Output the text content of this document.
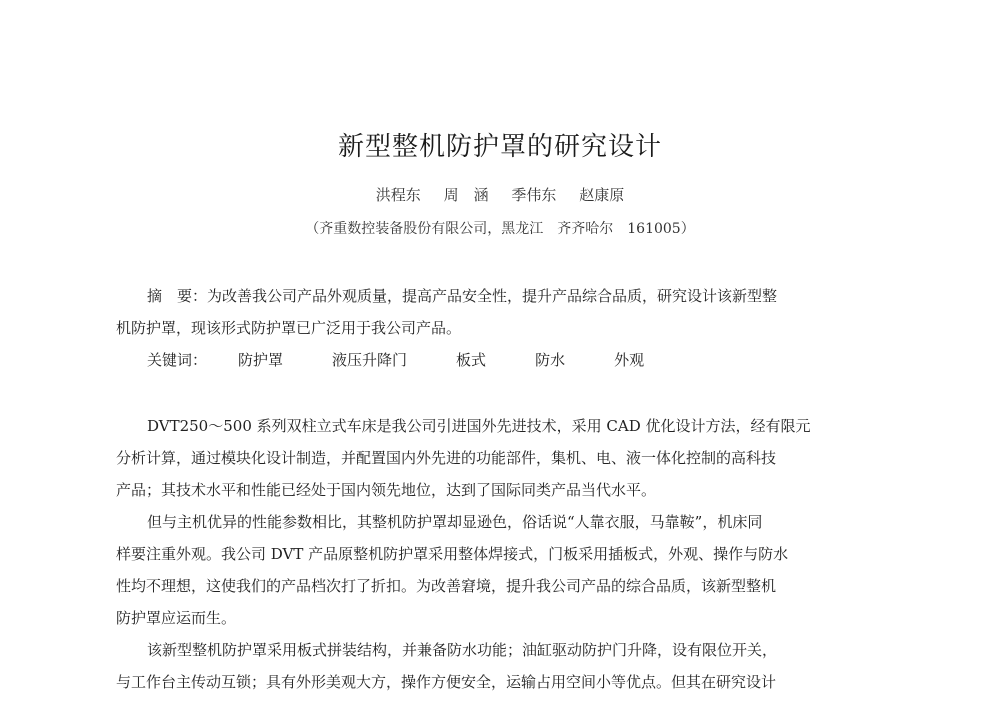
新型整机防护罩的研究设计
洪程东 周　涵 季伟东 赵康原
（齐重数控装备股份有限公司，黑龙江　齐齐哈尔　161005）
摘　要：为改善我公司产品外观质量，提高产品安全性，提升产品综合品质，研究设计该新型整
机防护罩，现该形式防护罩已广泛用于我公司产品。
关键词： 防护罩	液压升降门	板式	防水	外观
DVT250～500 系列双柱立式车床是我公司引进国外先进技术，采用 CAD 优化设计方法，经有限元
分析计算，通过模块化设计制造，并配置国内外先进的功能部件，集机、电、液一体化控制的高科技
产品；其技术水平和性能已经处于国内领先地位，达到了国际同类产品当代水平。
但与主机优异的性能参数相比，其整机防护罩却显逊色，俗话说“人靠衣服，马靠鞍”，机床同
样要注重外观。我公司 DVT 产品原整机防护罩采用整体焊接式，门板采用插板式，外观、操作与防水
性均不理想，这使我们的产品档次打了折扣。为改善窘境，提升我公司产品的综合品质，该新型整机
防护罩应运而生。
该新型整机防护罩采用板式拼装结构，并兼备防水功能；油缸驱动防护门升降，设有限位开关，
与工作台主传动互锁；具有外形美观大方，操作方便安全，运输占用空间小等优点。但其在研究设计
